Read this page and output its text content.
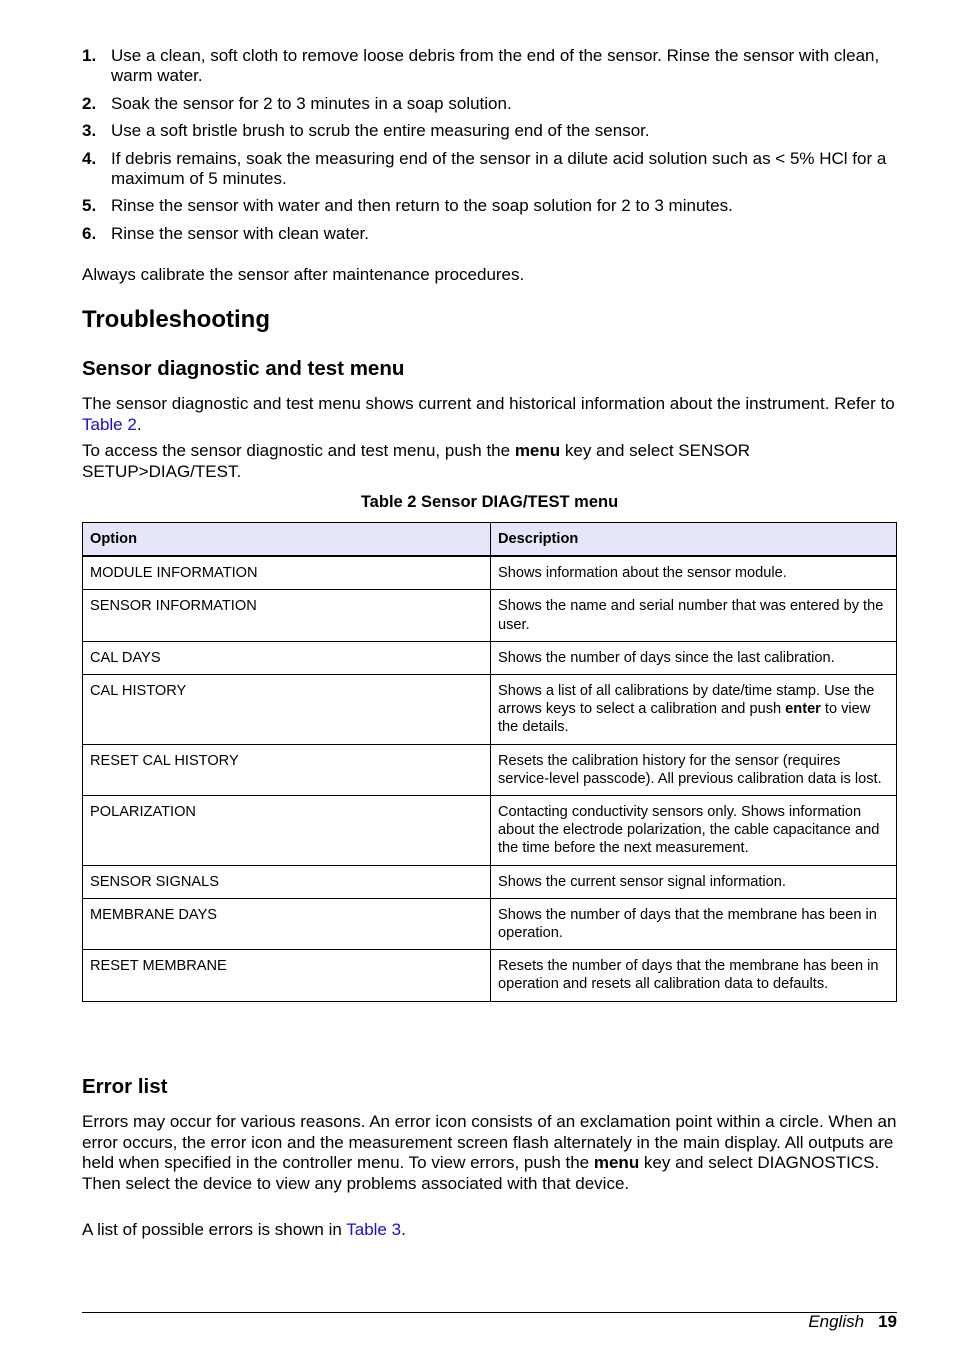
1. Use a clean, soft cloth to remove loose debris from the end of the sensor. Rinse the sensor with clean, warm water.
2. Soak the sensor for 2 to 3 minutes in a soap solution.
3. Use a soft bristle brush to scrub the entire measuring end of the sensor.
4. If debris remains, soak the measuring end of the sensor in a dilute acid solution such as < 5% HCl for a maximum of 5 minutes.
5. Rinse the sensor with water and then return to the soap solution for 2 to 3 minutes.
6. Rinse the sensor with clean water.

Always calibrate the sensor after maintenance procedures.

Troubleshooting
Sensor diagnostic and test menu

The sensor diagnostic and test menu shows current and historical information about the instrument. Refer to Table 2.

To access the sensor diagnostic and test menu, push the menu key and select SENSOR SETUP>DIAG/TEST.

Table 2 Sensor DIAG/TEST menu
Option	Description
MODULE INFORMATION	Shows information about the sensor module.
SENSOR INFORMATION	Shows the name and serial number that was entered by the user.
CAL DAYS	Shows the number of days since the last calibration.
CAL HISTORY	Shows a list of all calibrations by date/time stamp. Use the arrows keys to select a calibration and push enter to view the details.
RESET CAL HISTORY	Resets the calibration history for the sensor (requires service-level passcode). All previous calibration data is lost.
POLARIZATION	Contacting conductivity sensors only. Shows information about the electrode polarization, the cable capacitance and the time before the next measurement.
SENSOR SIGNALS	Shows the current sensor signal information.
MEMBRANE DAYS	Shows the number of days that the membrane has been in operation.
RESET MEMBRANE	Resets the number of days that the membrane has been in operation and resets all calibration data to defaults.
Error list

Errors may occur for various reasons. An error icon consists of an exclamation point within a circle. When an error occurs, the error icon and the measurement screen flash alternately in the main display. All outputs are held when specified in the controller menu. To view errors, push the menu key and select DIAGNOSTICS. Then select the device to view any problems associated with that device.

A list of possible errors is shown in Table 3.

English 19
